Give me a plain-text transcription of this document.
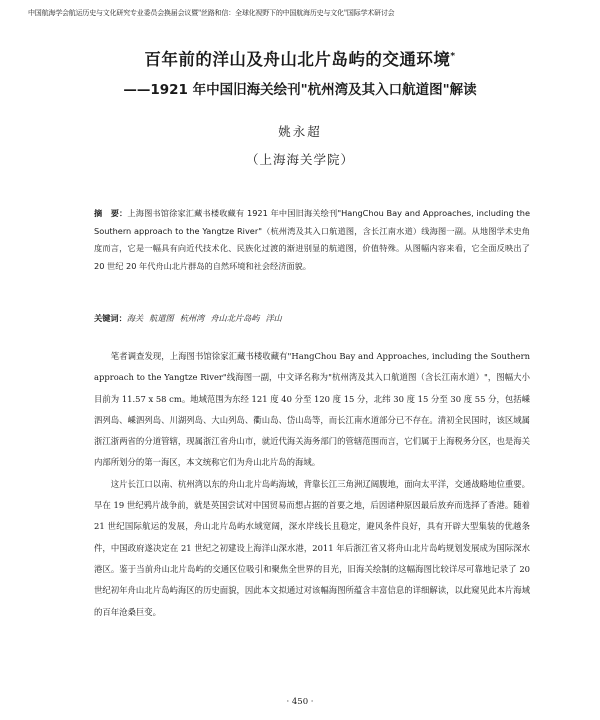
中国航海学会航运历史与文化研究专业委员会换届会议暨"丝路和信：全球化视野下的中国航海历史与文化"国际学术研讨会
百年前的洋山及舟山北片岛屿的交通环境*
——1921 年中国旧海关绘刊"杭州湾及其入口航道图"解读
姚永超
（上海海关学院）
摘　要：上海图书馆徐家汇藏书楼收藏有 1921 年中国旧海关绘刊"HangChou Bay and Approaches, including the Southern approach to the Yangtze River"（杭州湾及其入口航道图，含长江南水道）线海图一副。从地图学术史角度而言，它是一幅具有向近代技术化、民族化过渡的渐进别显的航道图，价值特殊。从图幅内容来看，它全面反映出了 20 世纪 20 年代舟山北片群岛的自然环境和社会经济面貌。
关键词：海关 航道图 杭州湾 舟山北片岛屿 洋山

笔者调查发现，上海图书馆徐家汇藏书楼收藏有"HangChou Bay and Approaches, including the Southern approach to the Yangtze River"线海图一副，中文译名称为"杭州湾及其入口航道图（含长江南水道）"，图幅大小目前为 11.57 x 58 cm。地域范围为东经 121 度 40 分至 120 度 15 分，北纬 30 度 15 分至 30 度 55 分，包括嵊泗列岛、嵊泗列岛、川湖列岛、大山列岛、衢山岛、岱山岛等，而长江南水道部分已不存在。清初全民国时，该区域属浙江浙两省的分道管辖，现属浙江省舟山市，就近代海关海务部门的管辖范围而言，它们属于上海税务分区，也是海关内部所划分的第一海区，本文统称它们为舟山北片岛的海域。

这片长江口以南、杭州湾以东的舟山北片岛屿海域，背靠长江三角洲辽阔腹地，面向太平洋，交通战略地位重要。早在 19 世纪鸦片战争前，就是英国尝试对中国贸易而想占据的首要之地，后因诸种原因最后放弃而选择了香港。随着 21 世纪国际航运的发展，舟山北片岛屿水域宽阔，深水岸线长且稳定，避风条件良好，具有开辟大型集装的优越条件，中国政府遂决定在 21 世纪之初建设上海洋山深水港，2011 年后浙江省又将舟山北片岛屿规划发展成为国际深水港区。鉴于当前舟山北片岛屿的交通区位吸引和聚焦全世界的目光，旧海关绘制的这幅海图比较详尽可靠地记录了 20 世纪初年舟山北片岛屿海区的历史面貌，因此本文拟通过对该幅海图所蕴含丰富信息的详细解读，以此窥见此本片海域的百年沧桑巨变。

· 450 ·
